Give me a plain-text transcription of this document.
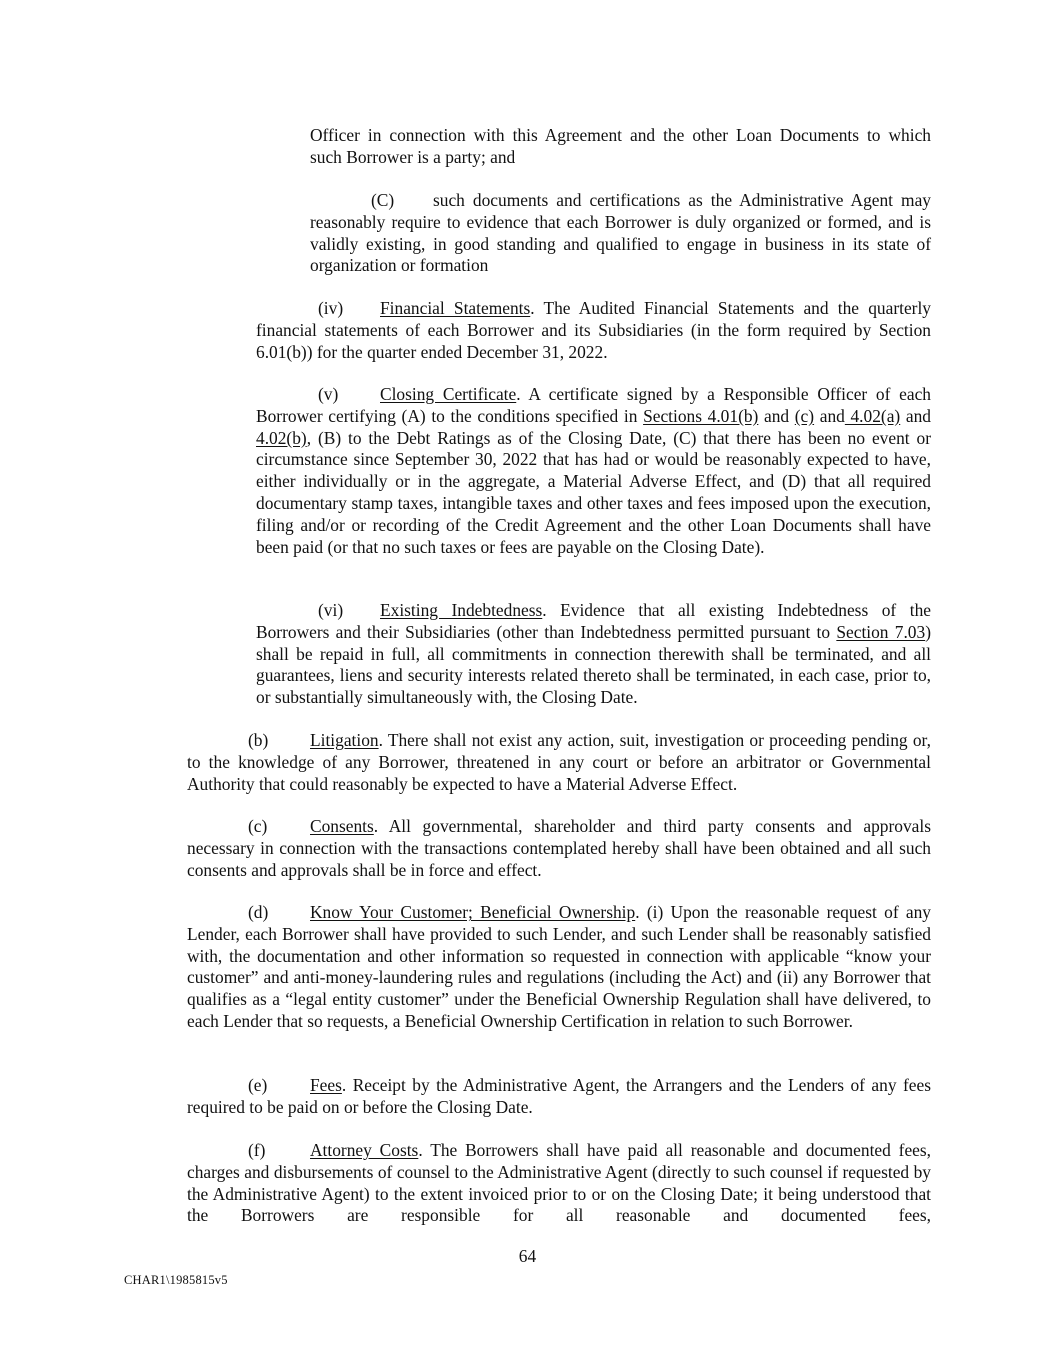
Officer in connection with this Agreement and the other Loan Documents to which

such Borrower is a party; and

(C) such documents and certifications as the Administrative Agent may reasonably require to evidence that each Borrower is duly organized or formed, and is validly existing, in good standing and qualified to engage in business in its state of organization or formation

(iv) Financial Statements. The Audited Financial Statements and the quarterly financial statements of each Borrower and its Subsidiaries (in the form required by Section 6.01(b)) for the quarter ended December 31, 2022.

(v) Closing Certificate. A certificate signed by a Responsible Officer of each Borrower certifying (A) to the conditions specified in Sections 4.01(b) and (c) and 4.02(a) and 4.02(b), (B) to the Debt Ratings as of the Closing Date, (C) that there has been no event or circumstance since September 30, 2022 that has had or would be reasonably expected to have, either individually or in the aggregate, a Material Adverse Effect, and (D) that all required documentary stamp taxes, intangible taxes and other taxes and fees imposed upon the execution, filing and/or or recording of the Credit Agreement and the other Loan Documents shall have been paid (or that no such taxes or fees are payable on the Closing Date).

(vi) Existing Indebtedness. Evidence that all existing Indebtedness of the Borrowers and their Subsidiaries (other than Indebtedness permitted pursuant to Section 7.03) shall be repaid in full, all commitments in connection therewith shall be terminated, and all guarantees, liens and security interests related thereto shall be terminated, in each case, prior to, or substantially simultaneously with, the Closing Date.

(b) Litigation. There shall not exist any action, suit, investigation or proceeding pending or, to the knowledge of any Borrower, threatened in any court or before an arbitrator or Governmental Authority that could reasonably be expected to have a Material Adverse Effect.

(c) Consents. All governmental, shareholder and third party consents and approvals necessary in connection with the transactions contemplated hereby shall have been obtained and all such consents and approvals shall be in force and effect.

(d) Know Your Customer; Beneficial Ownership. (i) Upon the reasonable request of any Lender, each Borrower shall have provided to such Lender, and such Lender shall be reasonably satisfied with, the documentation and other information so requested in connection with applicable “know your customer” and anti-money-laundering rules and regulations (including the Act) and (ii) any Borrower that qualifies as a “legal entity customer” under the Beneficial Ownership Regulation shall have delivered, to each Lender that so requests, a Beneficial Ownership Certification in relation to such Borrower.

(e) Fees. Receipt by the Administrative Agent, the Arrangers and the Lenders of any fees required to be paid on or before the Closing Date.

(f)	Attorney Costs. The Borrowers shall have paid all reasonable and documented fees, charges and disbursements of counsel to the Administrative Agent (directly to such counsel if requested by the Administrative Agent) to the extent invoiced prior to or on the Closing Date; it being understood that the Borrowers are responsible for all reasonable and documented fees,

64
CHAR1\1985815v5
